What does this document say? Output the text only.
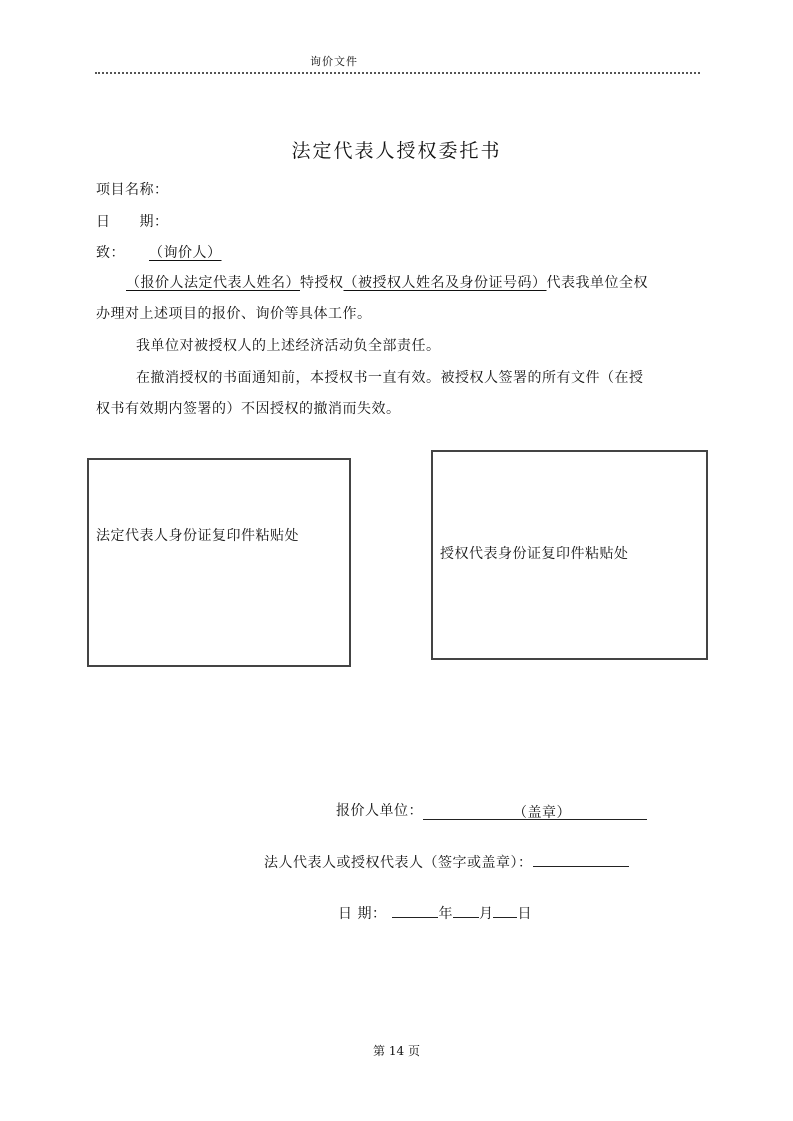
询价文件
法定代表人授权委托书
项目名称：
日　　期：
致： （询价人）
（报价人法定代表人姓名）特授权（被授权人姓名及身份证号码）代表我单位全权
办理对上述项目的报价、询价等具体工作。
我单位对被授权人的上述经济活动负全部责任。
在撤消授权的书面通知前，本授权书一直有效。被授权人签署的所有文件（在授
权书有效期内签署的）不因授权的撤消而失效。
法定代表人身份证复印件粘贴处
授权代表身份证复印件粘贴处
报价人单位：	（盖章）

法人代表人或授权代表人（签字或盖章）：
日 期：	年 月 日
第 14 页
